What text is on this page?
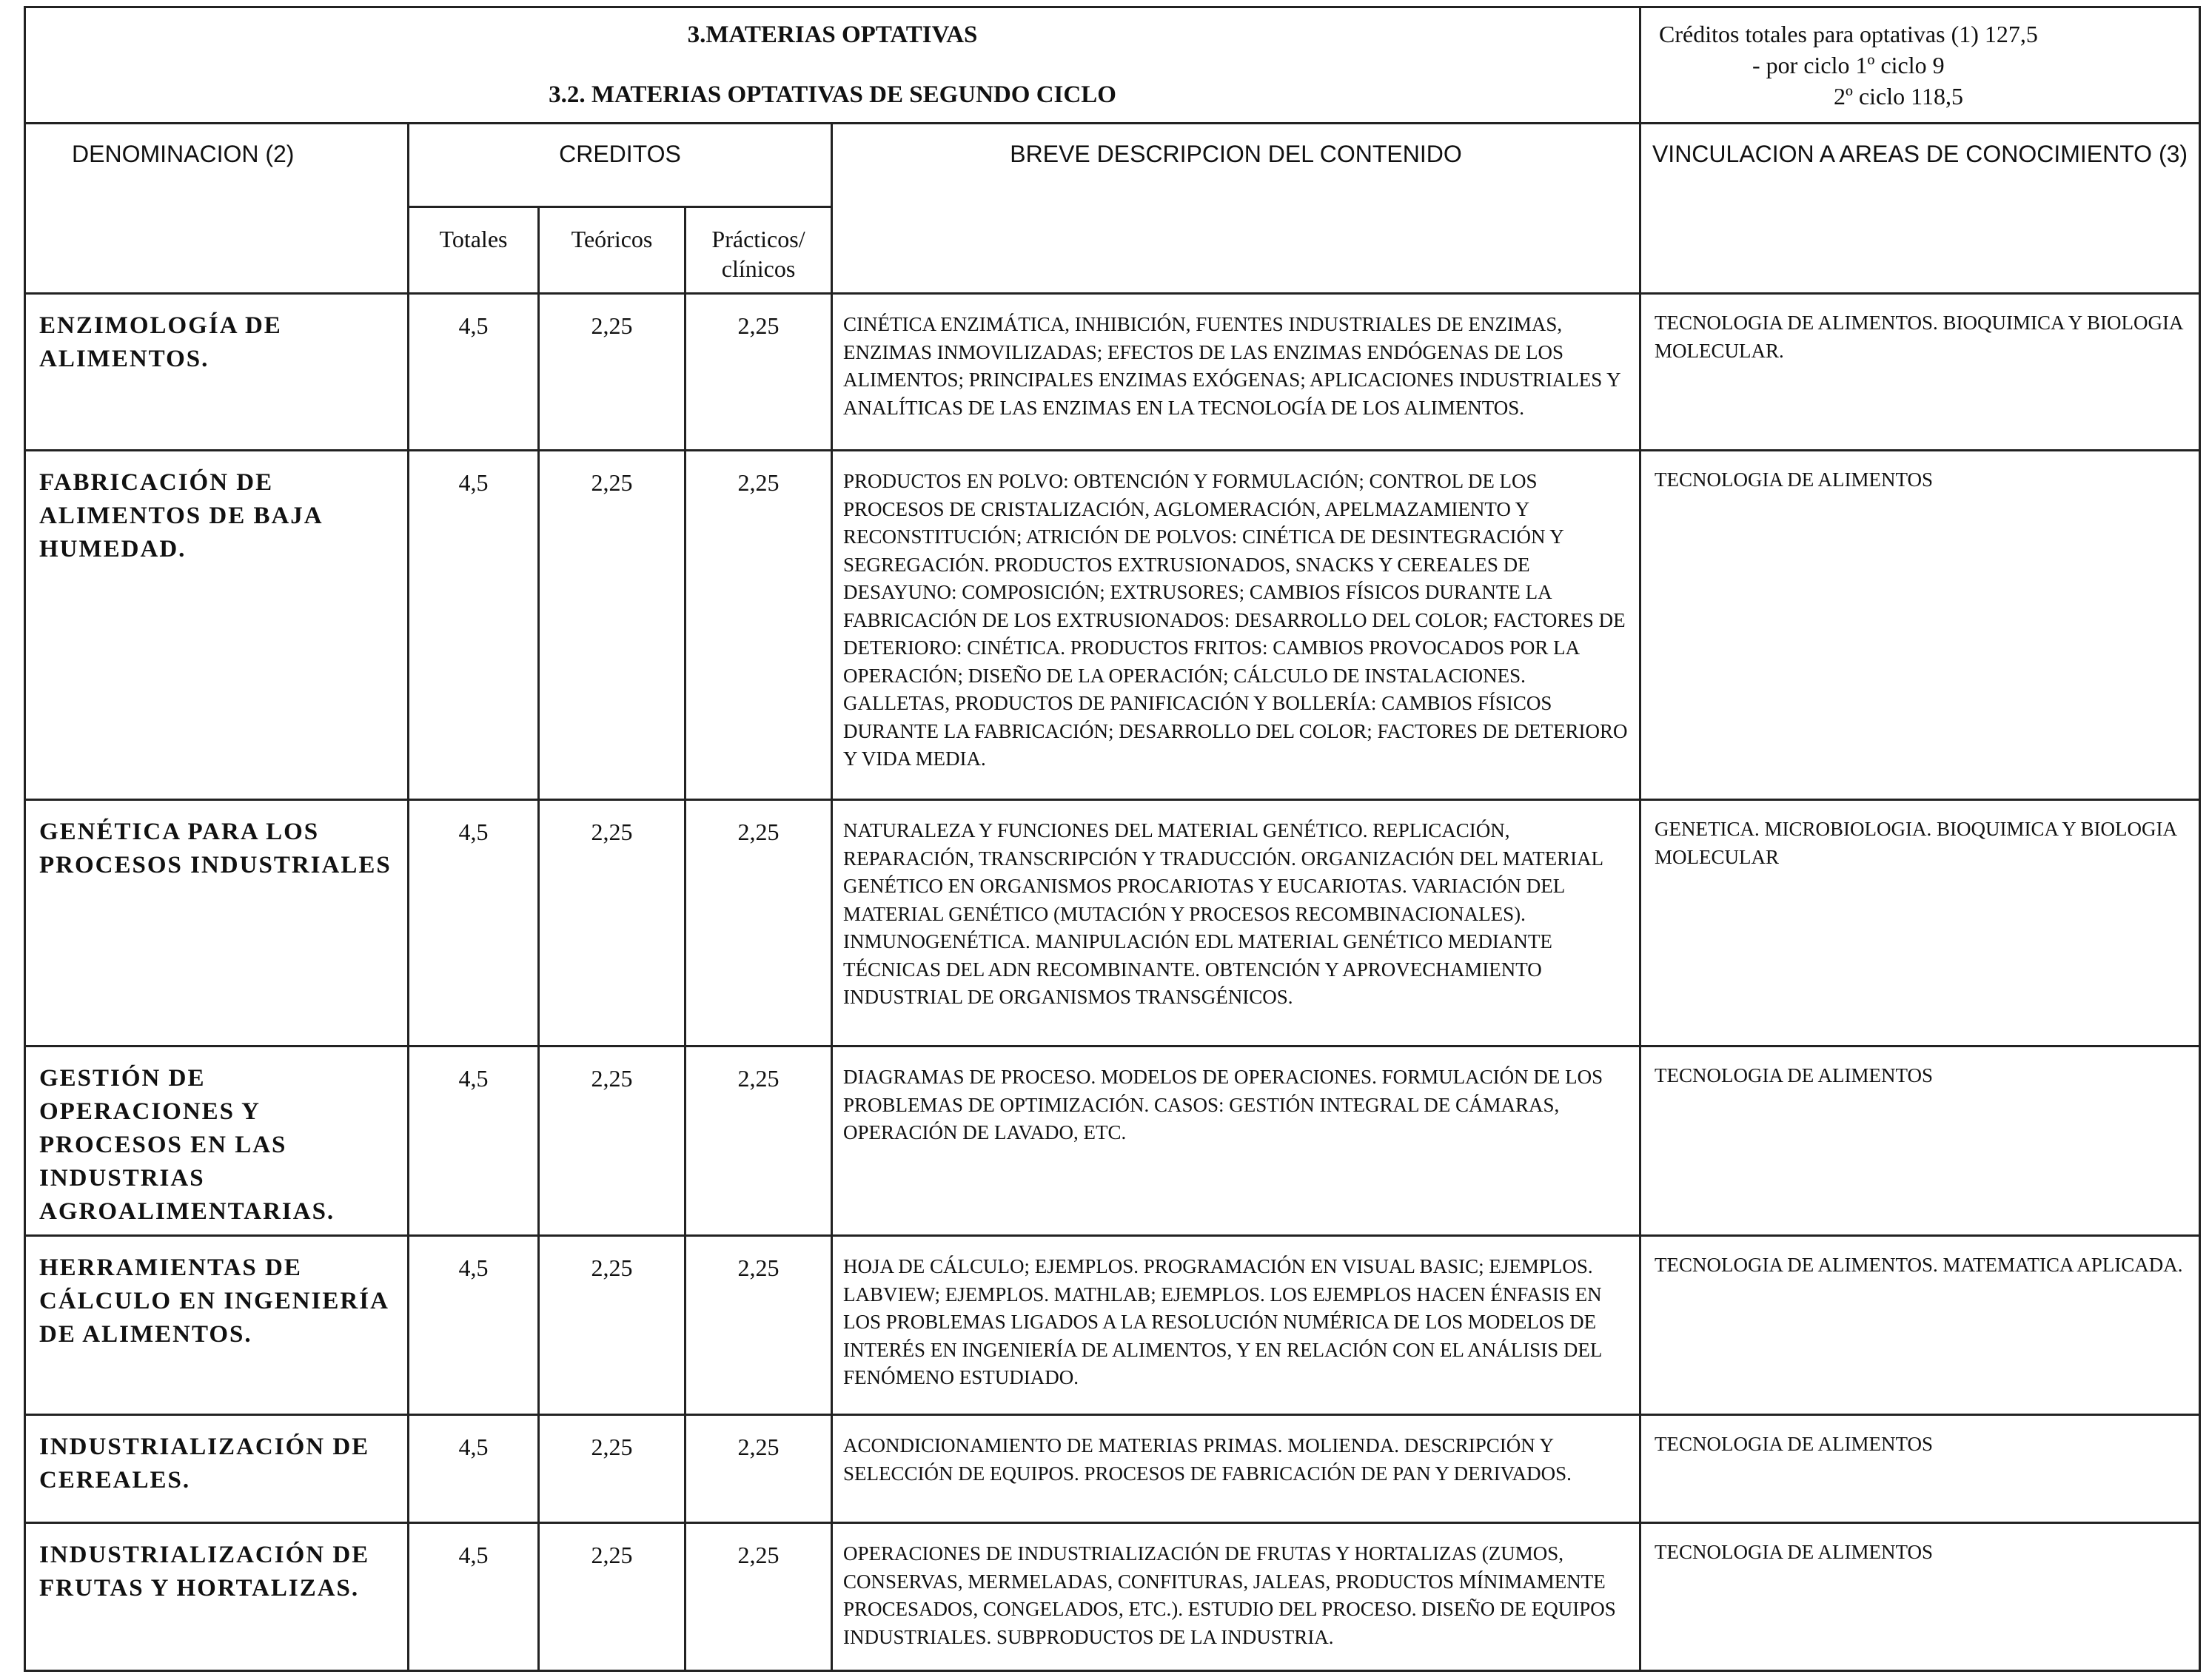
3.MATERIAS OPTATIVAS
3.2. MATERIAS OPTATIVAS DE SEGUNDO CICLO					Créditos totales para optativas (1) 127,5
- por ciclo 1º ciclo 9
2º ciclo 118,5

DENOMINACION (2)	CREDITOS			BREVE DESCRIPCION DEL CONTENIDO	VINCULACION A AREAS DE CONOCIMIENTO (3)
	Totales	Teóricos	Prácticos/ clínicos		
ENZIMOLOGÍA DE ALIMENTOS.	4,5	2,25	2,25	CINÉTICA ENZIMÁTICA, INHIBICIÓN, FUENTES INDUSTRIALES DE ENZIMAS, ENZIMAS INMOVILIZADAS; EFECTOS DE LAS ENZIMAS ENDÓGENAS DE LOS ALIMENTOS; PRINCIPALES ENZIMAS EXÓGENAS; APLICACIONES INDUSTRIALES Y ANALÍTICAS DE LAS ENZIMAS EN LA TECNOLOGÍA DE LOS ALIMENTOS.	TECNOLOGIA DE ALIMENTOS. BIOQUIMICA Y BIOLOGIA MOLECULAR.
FABRICACIÓN DE ALIMENTOS DE BAJA HUMEDAD.	4,5	2,25	2,25	PRODUCTOS EN POLVO: OBTENCIÓN Y FORMULACIÓN; CONTROL DE LOS PROCESOS DE CRISTALIZACIÓN, AGLOMERACIÓN, APELMAZAMIENTO Y RECONSTITUCIÓN; ATRICIÓN DE POLVOS: CINÉTICA DE DESINTEGRACIÓN Y SEGREGACIÓN. PRODUCTOS EXTRUSIONADOS, SNACKS Y CEREALES DE DESAYUNO: COMPOSICIÓN; EXTRUSORES; CAMBIOS FÍSICOS DURANTE LA FABRICACIÓN DE LOS EXTRUSIONADOS: DESARROLLO DEL COLOR; FACTORES DE DETERIORO: CINÉTICA. PRODUCTOS FRITOS: CAMBIOS PROVOCADOS POR LA OPERACIÓN; DISEÑO DE LA OPERACIÓN; CÁLCULO DE INSTALACIONES. GALLETAS, PRODUCTOS DE PANIFICACIÓN Y BOLLERÍA: CAMBIOS FÍSICOS DURANTE LA FABRICACIÓN; DESARROLLO DEL COLOR; FACTORES DE DETERIORO Y VIDA MEDIA.	TECNOLOGIA DE ALIMENTOS
GENÉTICA PARA LOS PROCESOS INDUSTRIALES	4,5	2,25	2,25	NATURALEZA Y FUNCIONES DEL MATERIAL GENÉTICO. REPLICACIÓN, REPARACIÓN, TRANSCRIPCIÓN Y TRADUCCIÓN. ORGANIZACIÓN DEL MATERIAL GENÉTICO EN ORGANISMOS PROCARIOTAS Y EUCARIOTAS. VARIACIÓN DEL MATERIAL GENÉTICO (MUTACIÓN Y PROCESOS RECOMBINACIONALES). INMUNOGENÉTICA. MANIPULACIÓN EDL MATERIAL GENÉTICO MEDIANTE TÉCNICAS DEL ADN RECOMBINANTE. OBTENCIÓN Y APROVECHAMIENTO INDUSTRIAL DE ORGANISMOS TRANSGÉNICOS.	GENETICA. MICROBIOLOGIA. BIOQUIMICA Y BIOLOGIA MOLECULAR
GESTIÓN DE OPERACIONES Y PROCESOS EN LAS INDUSTRIAS AGROALIMENTARIAS.	4,5	2,25	2,25	DIAGRAMAS DE PROCESO. MODELOS DE OPERACIONES. FORMULACIÓN DE LOS PROBLEMAS DE OPTIMIZACIÓN. CASOS: GESTIÓN INTEGRAL DE CÁMARAS, OPERACIÓN DE LAVADO, ETC.	TECNOLOGIA DE ALIMENTOS
HERRAMIENTAS DE CÁLCULO EN INGENIERÍA DE ALIMENTOS.	4,5	2,25	2,25	HOJA DE CÁLCULO; EJEMPLOS. PROGRAMACIÓN EN VISUAL BASIC; EJEMPLOS. LABVIEW; EJEMPLOS. MATHLAB; EJEMPLOS. LOS EJEMPLOS HACEN ÉNFASIS EN LOS PROBLEMAS LIGADOS A LA RESOLUCIÓN NUMÉRICA DE LOS MODELOS DE INTERÉS EN INGENIERÍA DE ALIMENTOS, Y EN RELACIÓN CON EL ANÁLISIS DEL FENÓMENO ESTUDIADO.	TECNOLOGIA DE ALIMENTOS. MATEMATICA APLICADA.
INDUSTRIALIZACIÓN DE CEREALES.	4,5	2,25	2,25	ACONDICIONAMIENTO DE MATERIAS PRIMAS. MOLIENDA. DESCRIPCIÓN Y SELECCIÓN DE EQUIPOS. PROCESOS DE FABRICACIÓN DE PAN Y DERIVADOS.	TECNOLOGIA DE ALIMENTOS
INDUSTRIALIZACIÓN DE FRUTAS Y HORTALIZAS.	4,5	2,25	2,25	OPERACIONES DE INDUSTRIALIZACIÓN DE FRUTAS Y HORTALIZAS (ZUMOS, CONSERVAS, MERMELADAS, CONFITURAS, JALEAS, PRODUCTOS MÍNIMAMENTE PROCESADOS, CONGELADOS, ETC.). ESTUDIO DEL PROCESO. DISEÑO DE EQUIPOS INDUSTRIALES. SUBPRODUCTOS DE LA INDUSTRIA.	TECNOLOGIA DE ALIMENTOS
